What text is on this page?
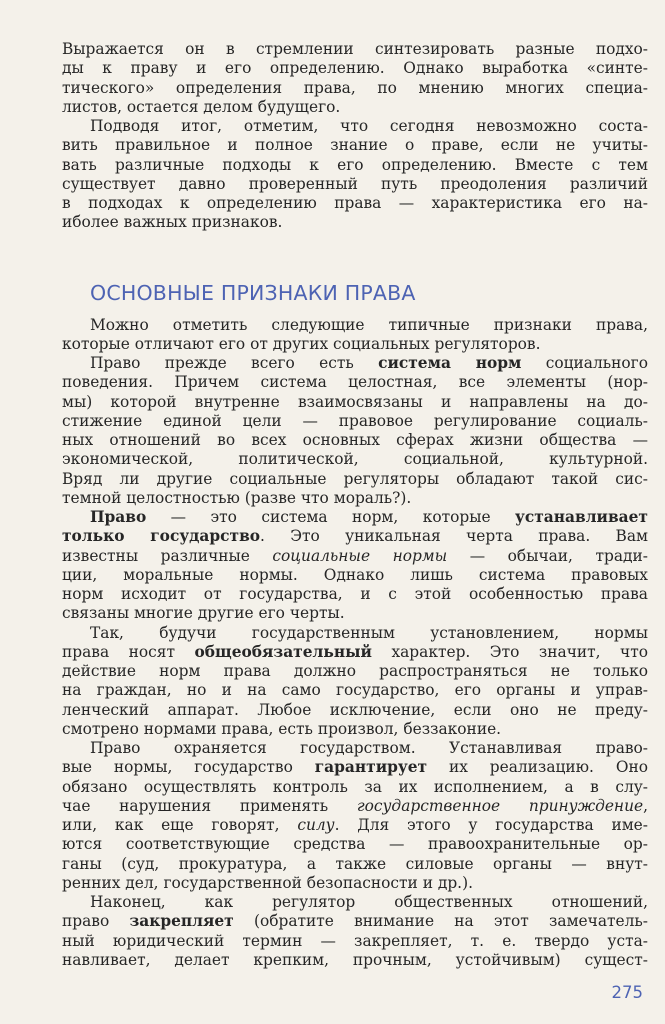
Выражается он в стремлении синтезировать разные подхо-
ды к праву и его определению. Однако выработка «синте-
тического» определения права, по мнению многих специа-
листов, остается делом будущего.
Подводя итог, отметим, что сегодня невозможно соста-
вить правильное и полное знание о праве, если не учиты-
вать различные подходы к его определению. Вместе с тем
существует давно проверенный путь преодоления различий
в подходах к определению права — характеристика его на-
иболее важных признаков.
ОСНОВНЫЕ ПРИЗНАКИ ПРАВА
Можно отметить следующие типичные признаки права,
которые отличают его от других социальных регуляторов.
Право прежде всего есть система норм социального
поведения. Причем система целостная, все элементы (нор-
мы) которой внутренне взаимосвязаны и направлены на до-
стижение единой цели — правовое регулирование социаль-
ных отношений во всех основных сферах жизни общества —
экономической, политической, социальной, культурной.
Вряд ли другие социальные регуляторы обладают такой сис-
темной целостностью (разве что мораль?).
Право — это система норм, которые устанавливает
только государство. Это уникальная черта права. Вам
известны различные социальные нормы — обычаи, тради-
ции, моральные нормы. Однако лишь система правовых
норм исходит от государства, и с этой особенностью права
связаны многие другие его черты.
Так, будучи государственным установлением, нормы
права носят общеобязательный характер. Это значит, что
действие норм права должно распространяться не только
на граждан, но и на само государство, его органы и управ-
ленческий аппарат. Любое исключение, если оно не преду-
смотрено нормами права, есть произвол, беззаконие.
Право охраняется государством. Устанавливая право-
вые нормы, государство гарантирует их реализацию. Оно
обязано осуществлять контроль за их исполнением, а в слу-
чае нарушения применять государственное принуждение,
или, как еще говорят, силу. Для этого у государства име-
ются соответствующие средства — правоохранительные ор-
ганы (суд, прокуратура, а также силовые органы — внут-
ренних дел, государственной безопасности и др.).
Наконец, как регулятор общественных отношений,
право закрепляет (обратите внимание на этот замечатель-
ный юридический термин — закрепляет, т. е. твердо уста-
навливает, делает крепким, прочным, устойчивым) сущест-
275
